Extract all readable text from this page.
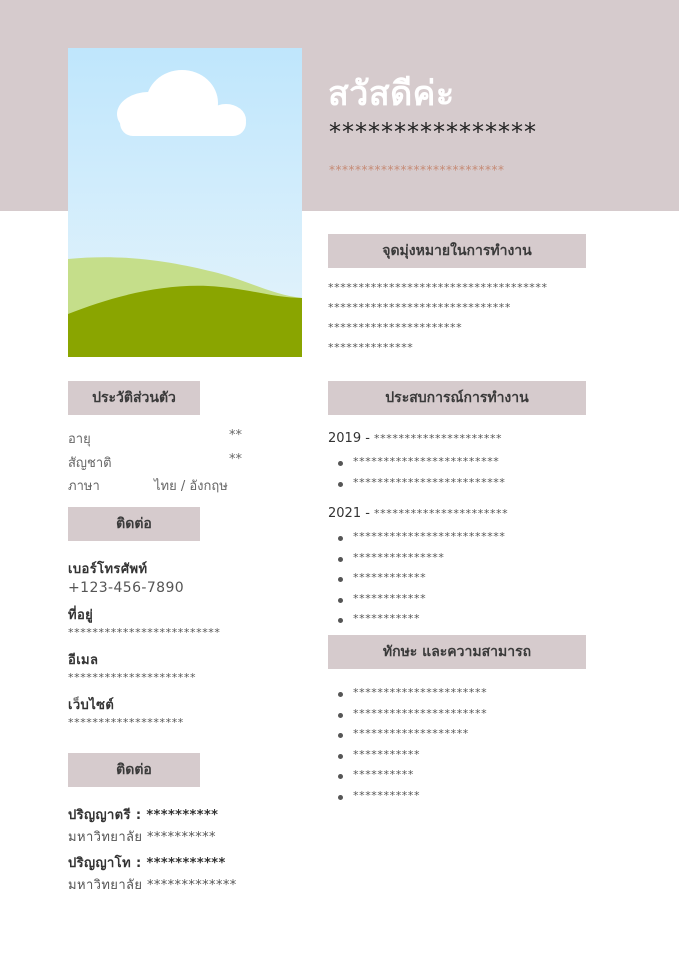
สวัสดีค่ะ
****************
***************************
จุดมุ่งหมายในการทำงาน
************************************
******************************
**********************
**************
ประวัติส่วนตัว
อายุ	**
สัญชาติ	**
ภาษา	ไทย / อังกฤษ
ติดต่อ
เบอร์โทรศัพท์
+123-456-7890
ที่อยู่
*************************
อีเมล
*********************
เว็บไซต์
*******************
ติดต่อ
ปริญญาตรี : **********
มหาวิทยาลัย **********
ปริญญาโท : ***********
มหาวิทยาลัย *************
ประสบการณ์การทำงาน
2019 - *********************
************************
*************************
2021 - **********************
*************************
***************
************
************
***********
ทักษะ และความสามารถ
**********************
**********************
*******************
***********
**********
***********
